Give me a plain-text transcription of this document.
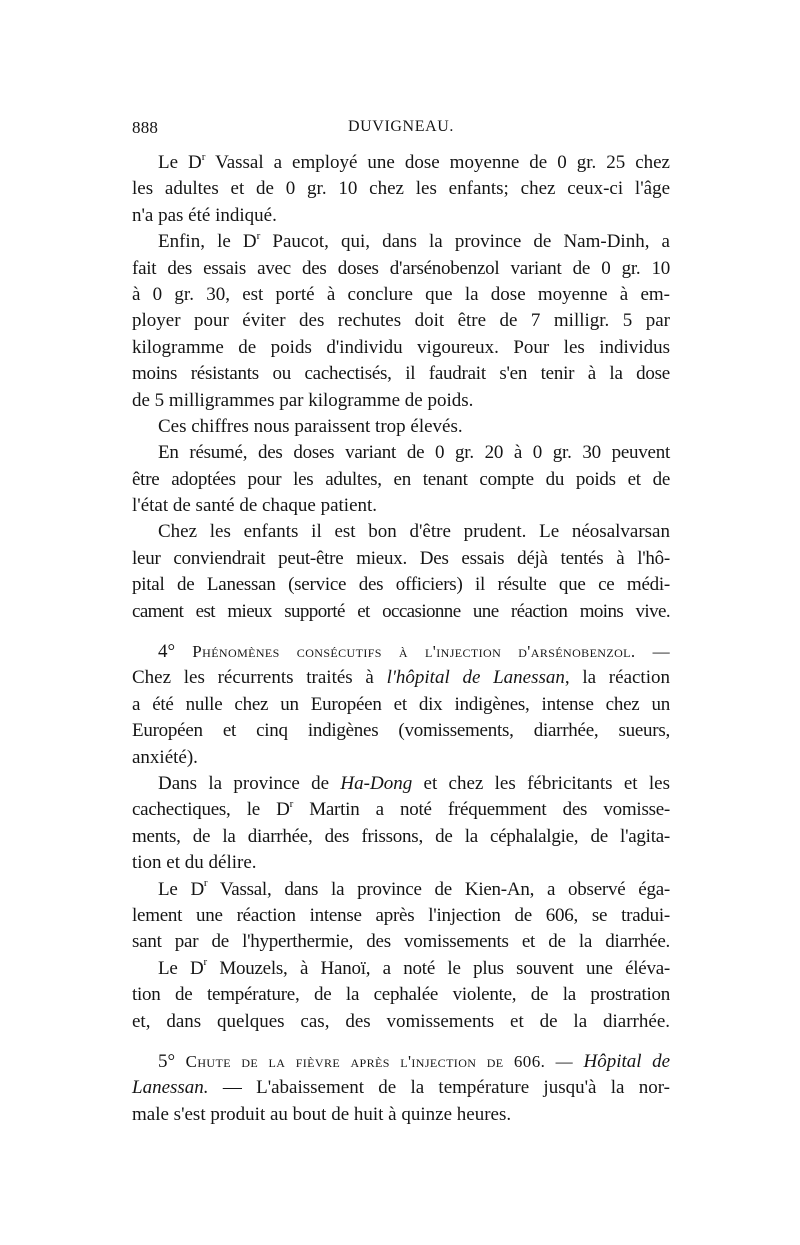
888	DUVIGNEAU.
Le $D^r$ Vassal a employé une dose moyenne de 0 gr. 25 chez
les adultes et de 0 gr. 10 chez les enfants; chez ceux-ci l'âge
n'a pas été indiqué.
Enfin, le $D^r$ Paucot, qui, dans la province de Nam-Dinh, a
fait des essais avec des doses d'arsénobenzol variant de 0 gr. 10
à 0 gr. 30, est porté à conclure que la dose moyenne à em-
ployer pour éviter des rechutes doit être de 7 milligr. 5 par
kilogramme de poids d'individu vigoureux. Pour les individus
moins résistants ou cachectisés, il faudrait s'en tenir à la dose
de 5 milligrammes par kilogramme de poids.
Ces chiffres nous paraissent trop élevés.
En résumé, des doses variant de 0 gr. 20 à 0 gr. 30 peuvent
être adoptées pour les adultes, en tenant compte du poids et de
l'état de santé de chaque patient.
Chez les enfants il est bon d'être prudent. Le néosalvarsan
leur conviendrait peut-être mieux. Des essais déjà tentés à l'hô-
pital de Lanessan (service des officiers) il résulte que ce médi-
cament est mieux supporté et occasionne une réaction moins vive.
4° Phénomènes consécutifs à l'injection d'arsénobenzol. —
Chez les récurrents traités à l'hôpital de Lanessan, la réaction
a été nulle chez un Européen et dix indigènes, intense chez un
Européen et cinq indigènes (vomissements, diarrhée, sueurs,
anxiété).
Dans la province de Ha-Dong et chez les fébricitants et les
cachectiques, le $D^r$ Martin a noté fréquemment des vomisse-
ments, de la diarrhée, des frissons, de la céphalalgie, de l'agita-
tion et du délire.
Le $D^r$ Vassal, dans la province de Kien-An, a observé éga-
lement une réaction intense après l'injection de 606, se tradui-
sant par de l'hyperthermie, des vomissements et de la diarrhée.
Le $D^r$ Mouzels, à Hanoï, a noté le plus souvent une éléva-
tion de température, de la cephalée violente, de la prostration
et, dans quelques cas, des vomissements et de la diarrhée.
5° Chute de la fièvre après l'injection de 606. — Hôpital de
Lanessan. — L'abaissement de la température jusqu'à la nor-
male s'est produit au bout de huit à quinze heures.
